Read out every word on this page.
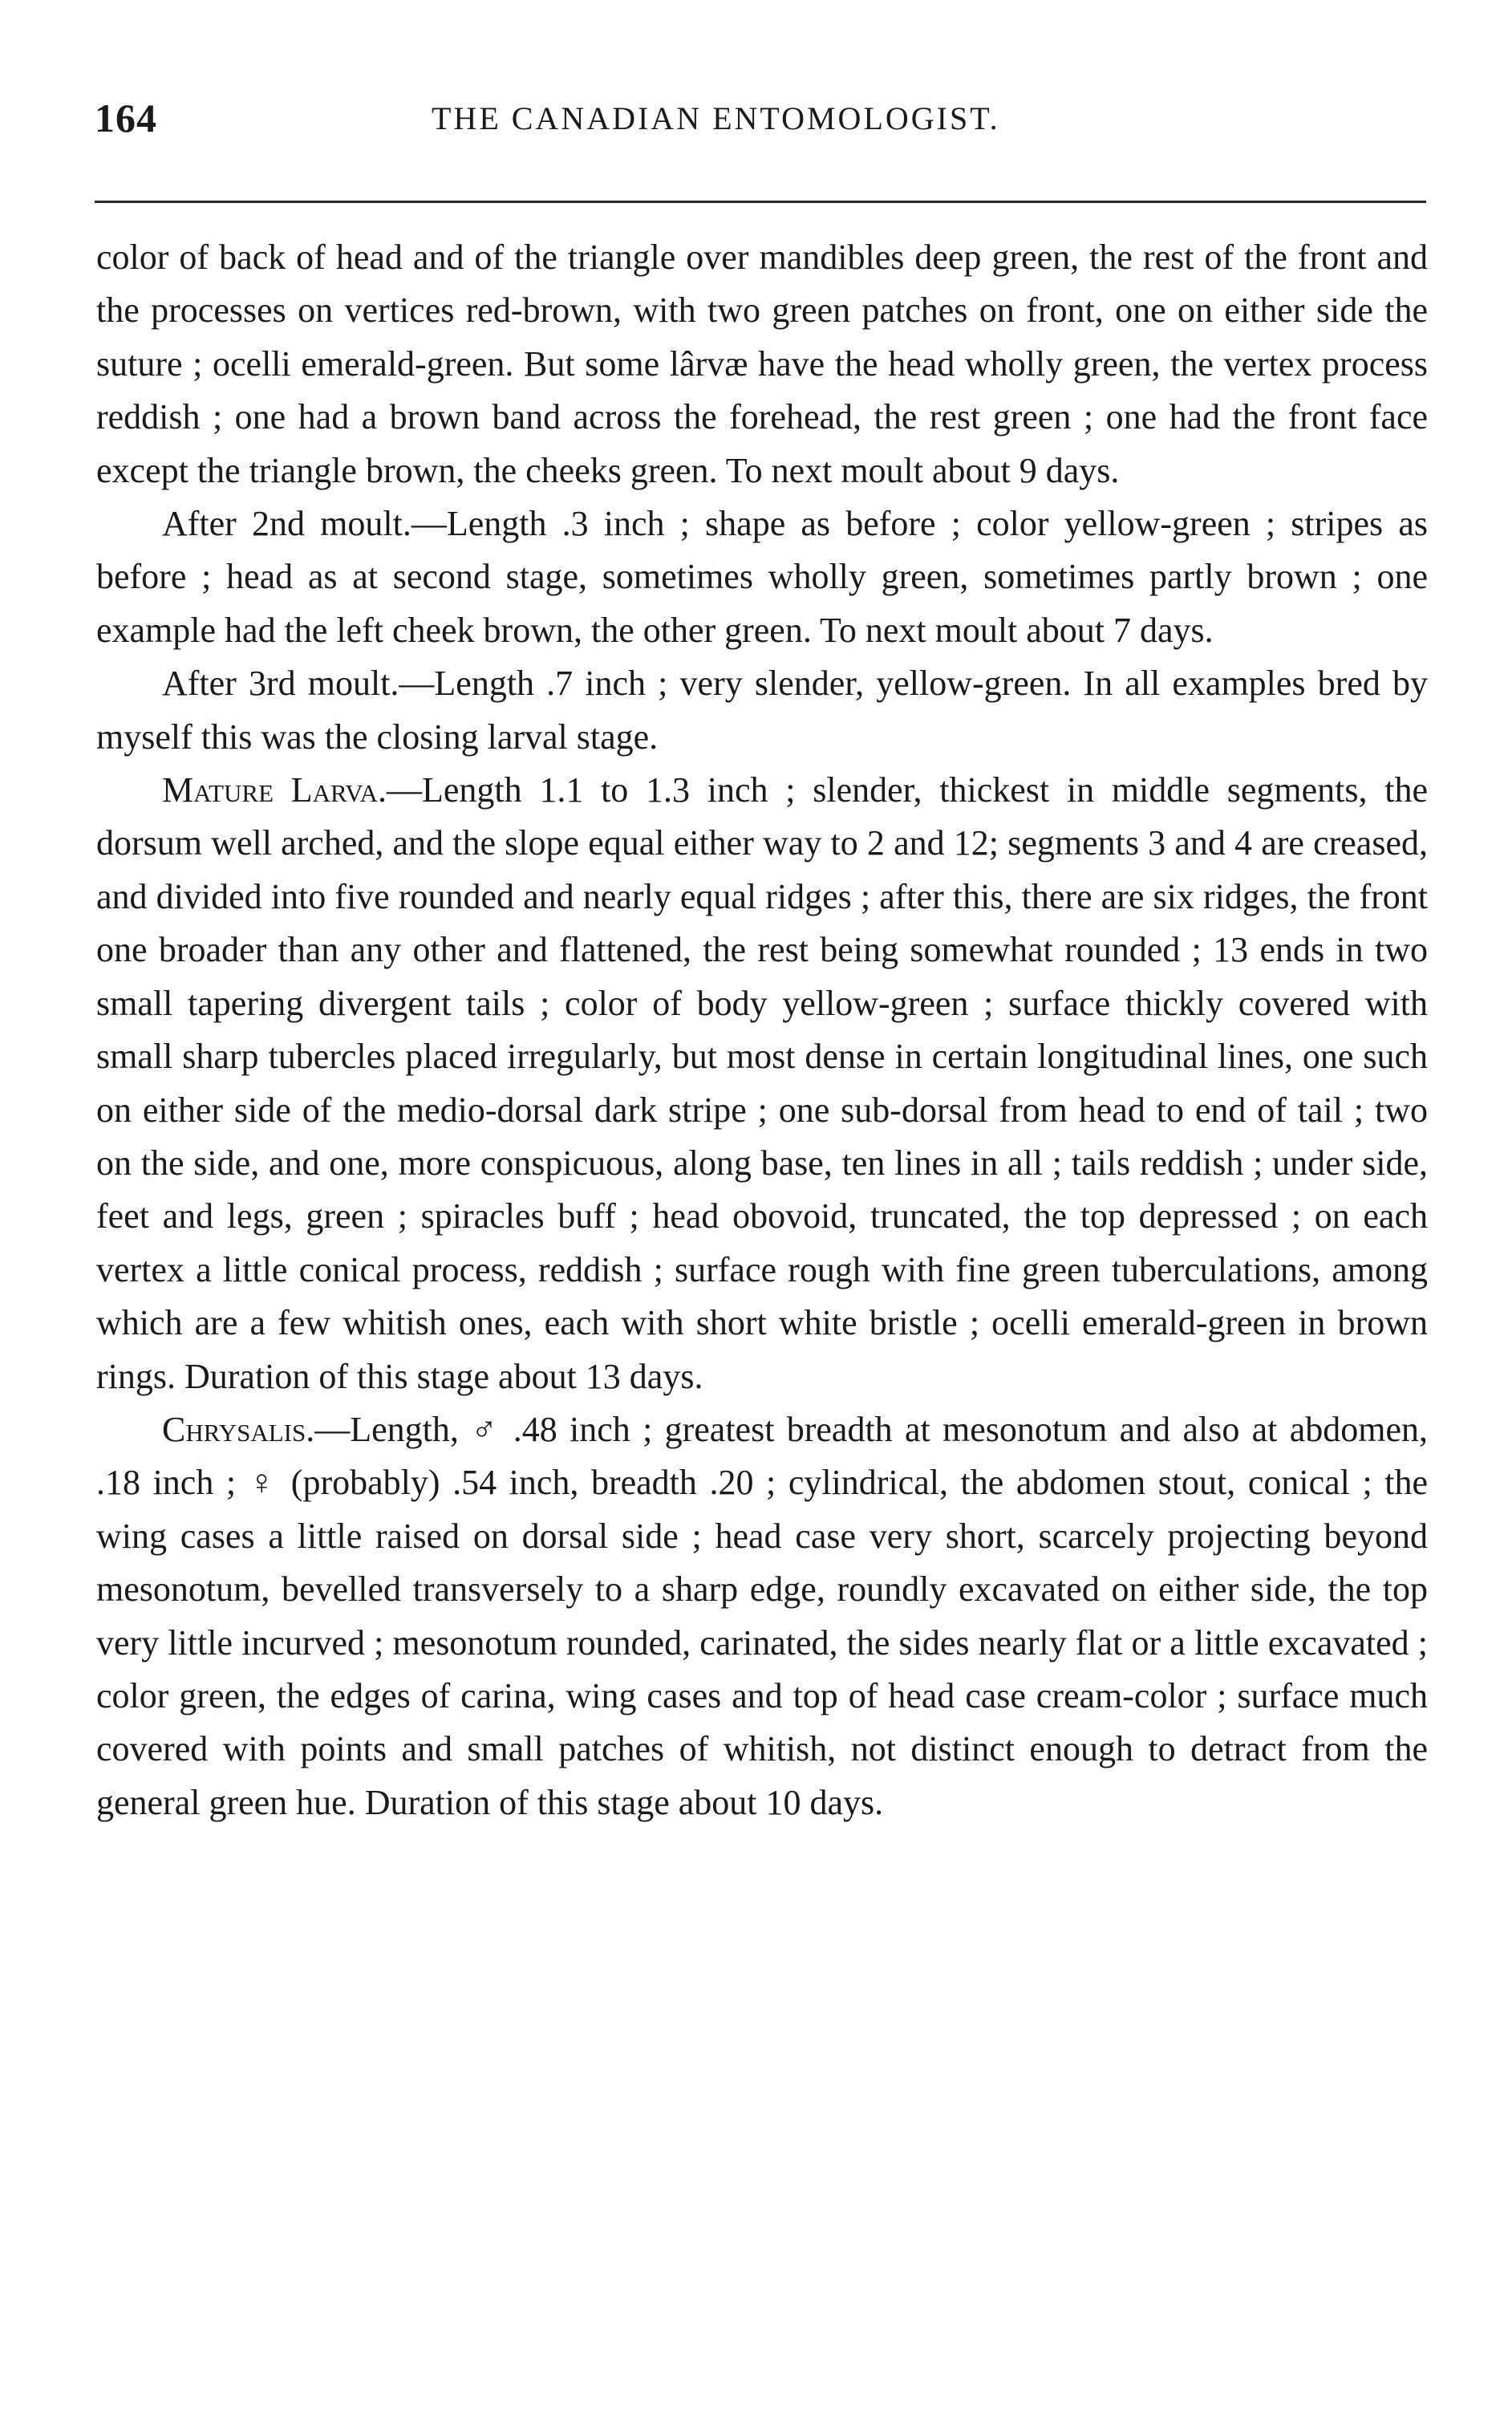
164	THE CANADIAN ENTOMOLOGIST.

color of back of head and of the triangle over mandibles deep green, the rest of the front and the processes on vertices red-brown, with two green patches on front, one on either side the suture ; ocelli emerald-green. But some lârvæ have the head wholly green, the vertex process reddish ; one had a brown band across the forehead, the rest green ; one had the front face except the triangle brown, the cheeks green. To next moult about 9 days.

After 2nd moult.—Length .3 inch ; shape as before ; color yellow-green ; stripes as before ; head as at second stage, sometimes wholly green, sometimes partly brown ; one example had the left cheek brown, the other green. To next moult about 7 days.

After 3rd moult.—Length .7 inch ; very slender, yellow-green. In all examples bred by myself this was the closing larval stage.

Mature Larva.—Length 1.1 to 1.3 inch ; slender, thickest in middle segments, the dorsum well arched, and the slope equal either way to 2 and 12; segments 3 and 4 are creased, and divided into five rounded and nearly equal ridges ; after this, there are six ridges, the front one broader than any other and flattened, the rest being somewhat rounded ; 13 ends in two small tapering divergent tails ; color of body yellow-green ; surface thickly covered with small sharp tubercles placed irregularly, but most dense in certain longitudinal lines, one such on either side of the medio-dorsal dark stripe ; one sub-dorsal from head to end of tail ; two on the side, and one, more conspicuous, along base, ten lines in all ; tails reddish ; under side, feet and legs, green ; spiracles buff ; head obovoid, truncated, the top depressed ; on each vertex a little conical process, reddish ; surface rough with fine green tuberculations, among which are a few whitish ones, each with short white bristle ; ocelli emerald-green in brown rings. Duration of this stage about 13 days.

Chrysalis.—Length, ♂ .48 inch ; greatest breadth at mesonotum and also at abdomen, .18 inch ; ♀ (probably) .54 inch, breadth .20 ; cylindrical, the abdomen stout, conical ; the wing cases a little raised on dorsal side ; head case very short, scarcely projecting beyond mesonotum, bevelled transversely to a sharp edge, roundly excavated on either side, the top very little incurved ; mesonotum rounded, carinated, the sides nearly flat or a little excavated ; color green, the edges of carina, wing cases and top of head case cream-color ; surface much covered with points and small patches of whitish, not distinct enough to detract from the general green hue. Duration of this stage about 10 days.
